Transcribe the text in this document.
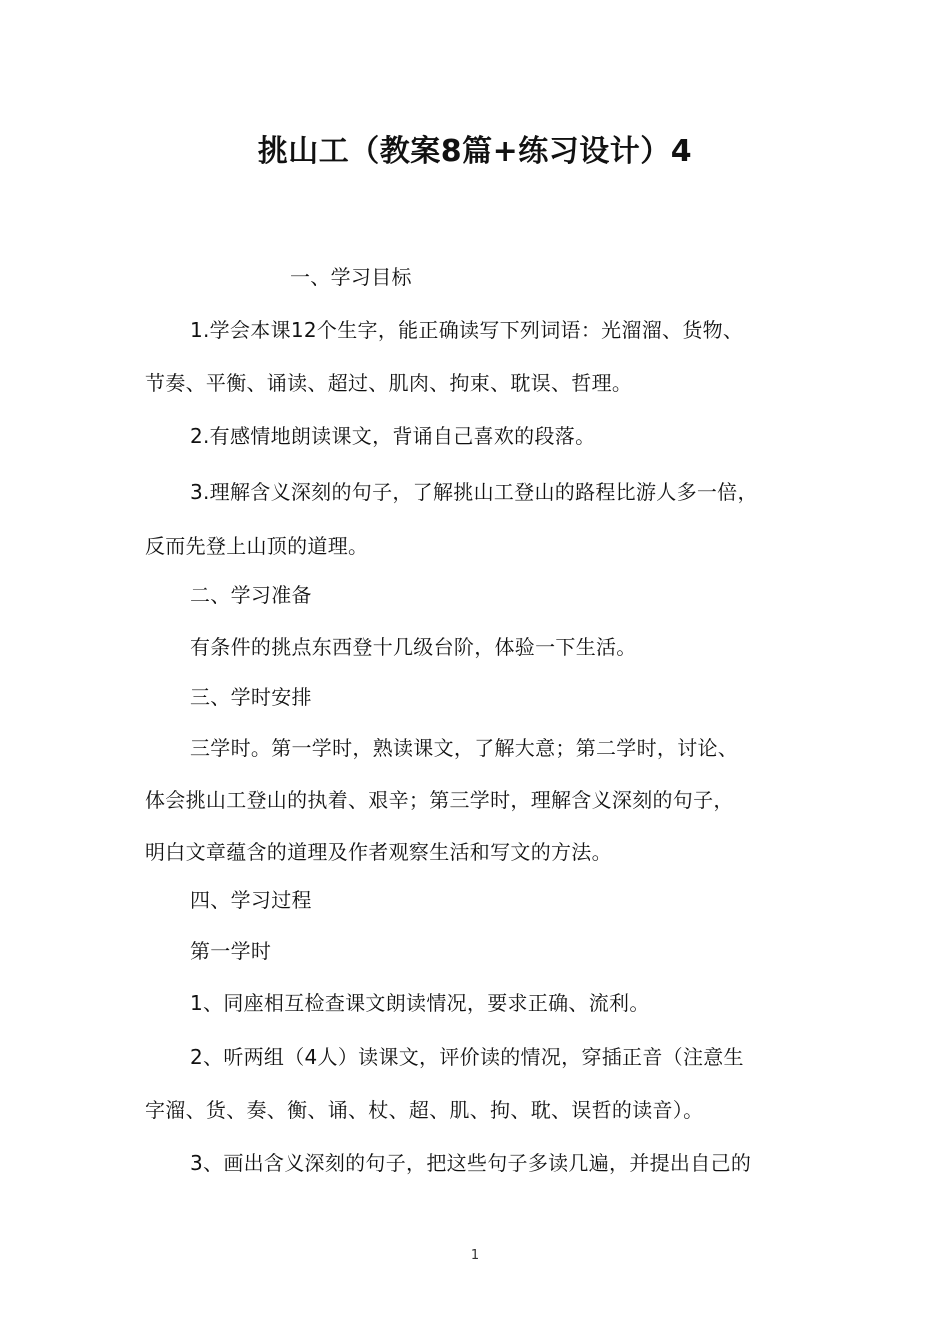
挑山工（教案8篇+练习设计）4
一、学习目标
1.学会本课12个生字，能正确读写下列词语：光溜溜、货物、
节奏、平衡、诵读、超过、肌肉、拘束、耽误、哲理。
2.有感情地朗读课文，背诵自己喜欢的段落。
3.理解含义深刻的句子，了解挑山工登山的路程比游人多一倍，
反而先登上山顶的道理。
二、学习准备
有条件的挑点东西登十几级台阶，体验一下生活。
三、学时安排
三学时。第一学时，熟读课文，了解大意；第二学时，讨论、
体会挑山工登山的执着、艰辛；第三学时，理解含义深刻的句子，
明白文章蕴含的道理及作者观察生活和写文的方法。
四、学习过程
第一学时
1、同座相互检查课文朗读情况，要求正确、流利。
2、听两组（4人）读课文，评价读的情况，穿插正音（注意生
字溜、货、奏、衡、诵、杖、超、肌、拘、耽、误哲的读音）。
3、画出含义深刻的句子，把这些句子多读几遍，并提出自己的
1
